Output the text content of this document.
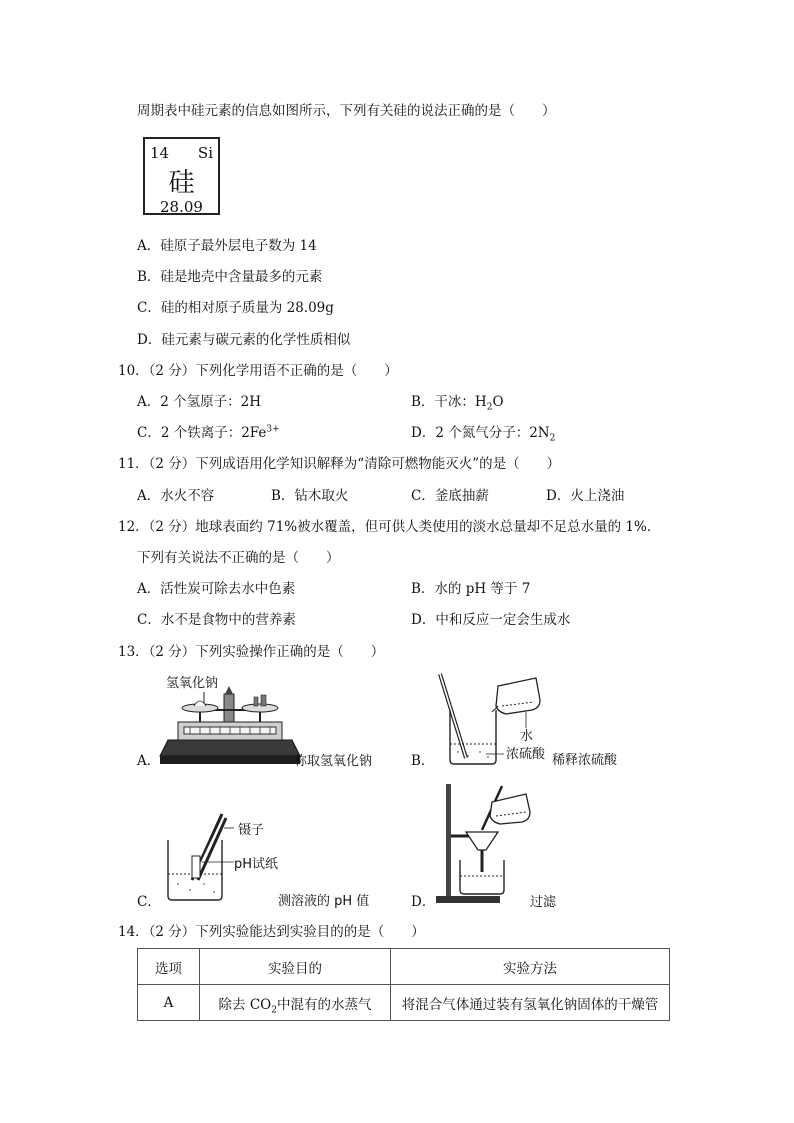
周期表中硅元素的信息如图所示，下列有关硅的说法正确的是（　　）
14 Si
硅
28.09
A．硅原子最外层电子数为 14
B．硅是地壳中含量最多的元素
C．硅的相对原子质量为 28.09g
D．硅元素与碳元素的化学性质相似
10．（2 分）下列化学用语不正确的是（　　）
A．2 个氢原子：2H	B．干冰：$H_2O$
C．2 个铁离子：$2Fe^{3+}$	D．2 个氮气分子：$2N_2$
11．（2 分）下列成语用化学知识解释为“清除可燃物能灭火”的是（　　）
A．水火不容	B．钻木取火	C．釜底抽薪	D．火上浇油
12．（2 分）地球表面约 71%被水覆盖，但可供人类使用的淡水总量却不足总水量的 1%．
下列有关说法不正确的是（　　）
A．活性炭可除去水中色素	B．水的 pH 等于 7
C．水不是食物中的营养素	D．中和反应一定会生成水
13．（2 分）下列实验操作正确的是（　　）
A．
氢氧化钠
称取氢氧化钠	B．
水
浓硫酸 稀释浓硫酸
C．
镊子
pH试纸
测溶液的 pH 值	D．	过滤
14．（2 分）下列实验能达到实验目的的是（　　）
选项	实验目的	实验方法
A	除去 $CO_2$中混有的水蒸气	将混合气体通过装有氢氧化钠固体的干燥管
